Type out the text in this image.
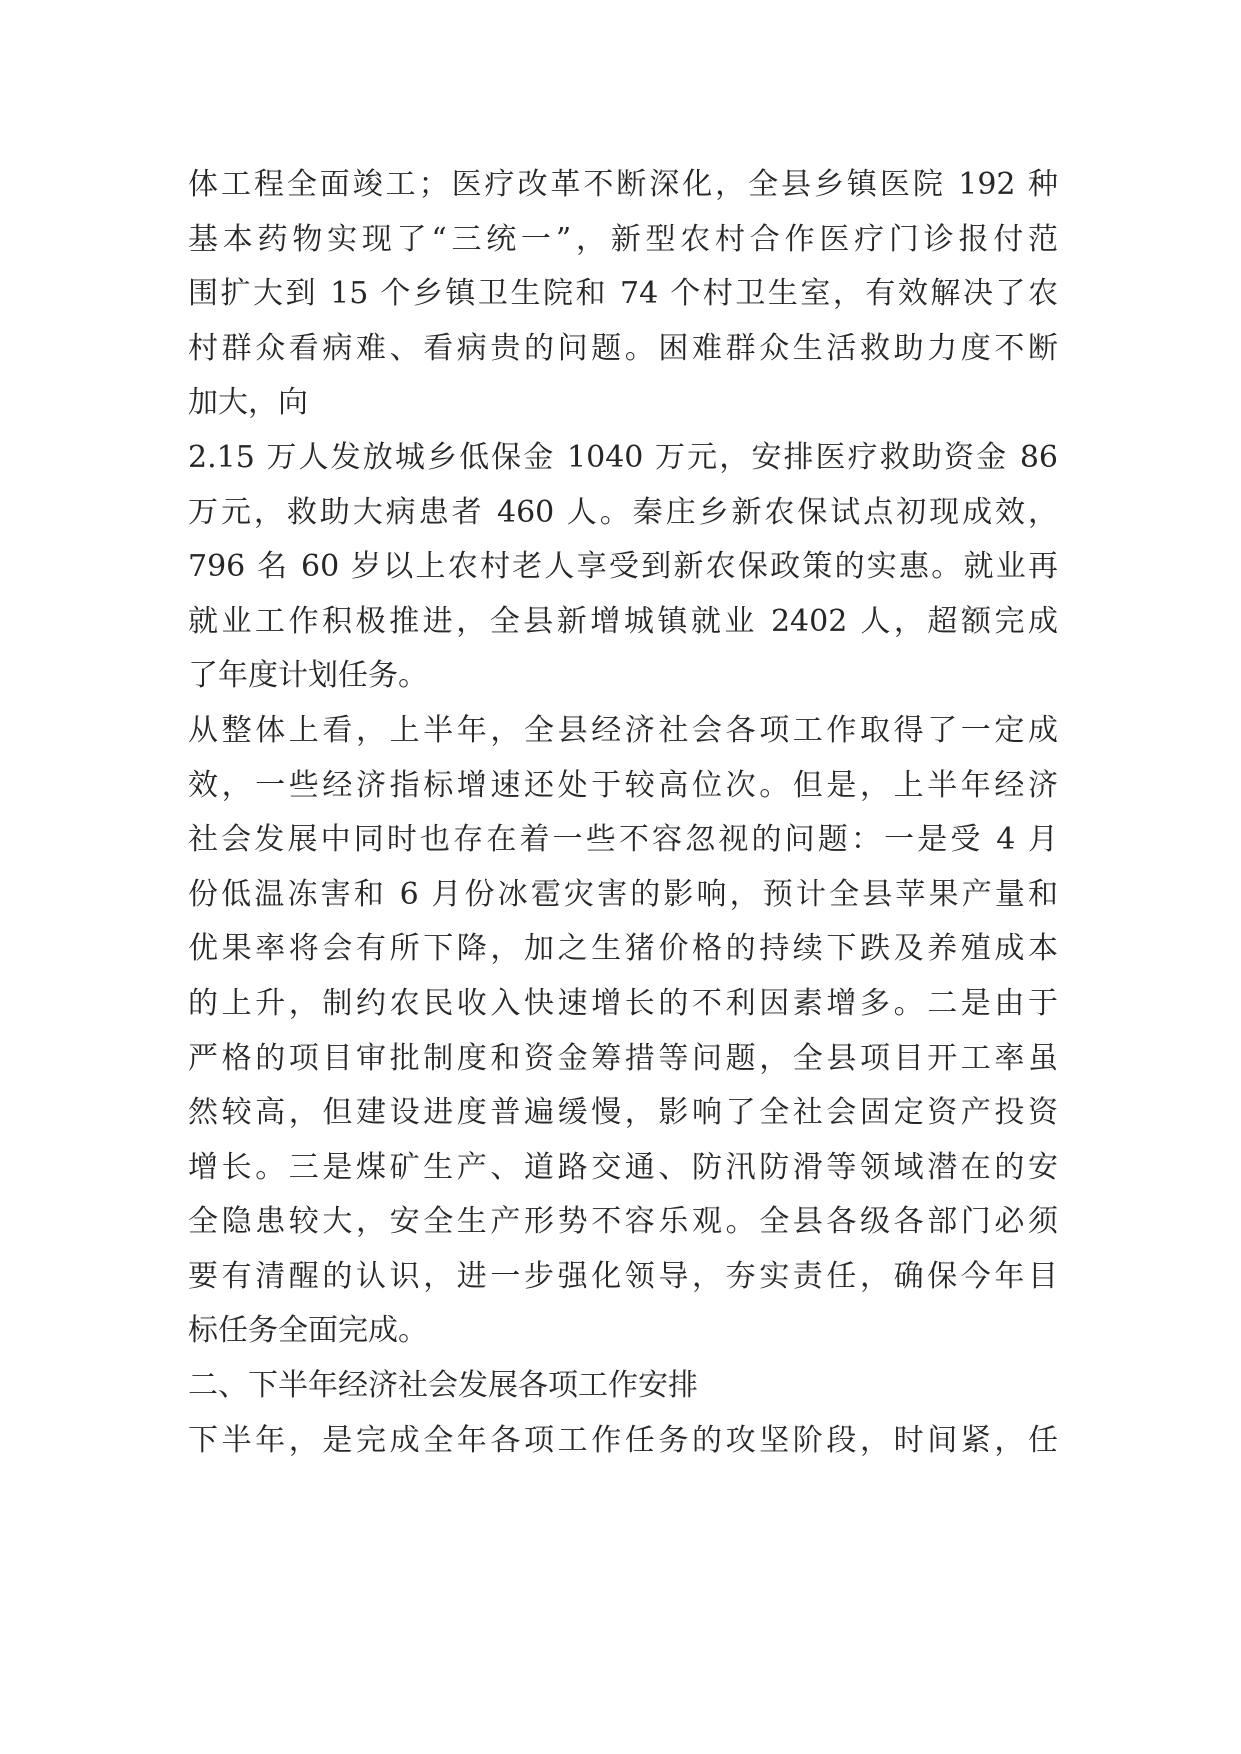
体工程全面竣工；医疗改革不断深化，全县乡镇医院 192 种
基本药物实现了“三统一”，新型农村合作医疗门诊报付范
围扩大到 15 个乡镇卫生院和 74 个村卫生室，有效解决了农
村群众看病难、看病贵的问题。困难群众生活救助力度不断
加大，向
2.15 万人发放城乡低保金 1040 万元，安排医疗救助资金 86
万元，救助大病患者 460 人。秦庄乡新农保试点初现成效，
796 名 60 岁以上农村老人享受到新农保政策的实惠。就业再
就业工作积极推进，全县新增城镇就业 2402 人，超额完成
了年度计划任务。
从整体上看，上半年，全县经济社会各项工作取得了一定成
效，一些经济指标增速还处于较高位次。但是，上半年经济
社会发展中同时也存在着一些不容忽视的问题：一是受 4 月
份低温冻害和 6 月份冰雹灾害的影响，预计全县苹果产量和
优果率将会有所下降，加之生猪价格的持续下跌及养殖成本
的上升，制约农民收入快速增长的不利因素增多。二是由于
严格的项目审批制度和资金筹措等问题，全县项目开工率虽
然较高，但建设进度普遍缓慢，影响了全社会固定资产投资
增长。三是煤矿生产、道路交通、防汛防滑等领域潜在的安
全隐患较大，安全生产形势不容乐观。全县各级各部门必须
要有清醒的认识，进一步强化领导，夯实责任，确保今年目
标任务全面完成。
二、下半年经济社会发展各项工作安排
下半年，是完成全年各项工作任务的攻坚阶段，时间紧，任
